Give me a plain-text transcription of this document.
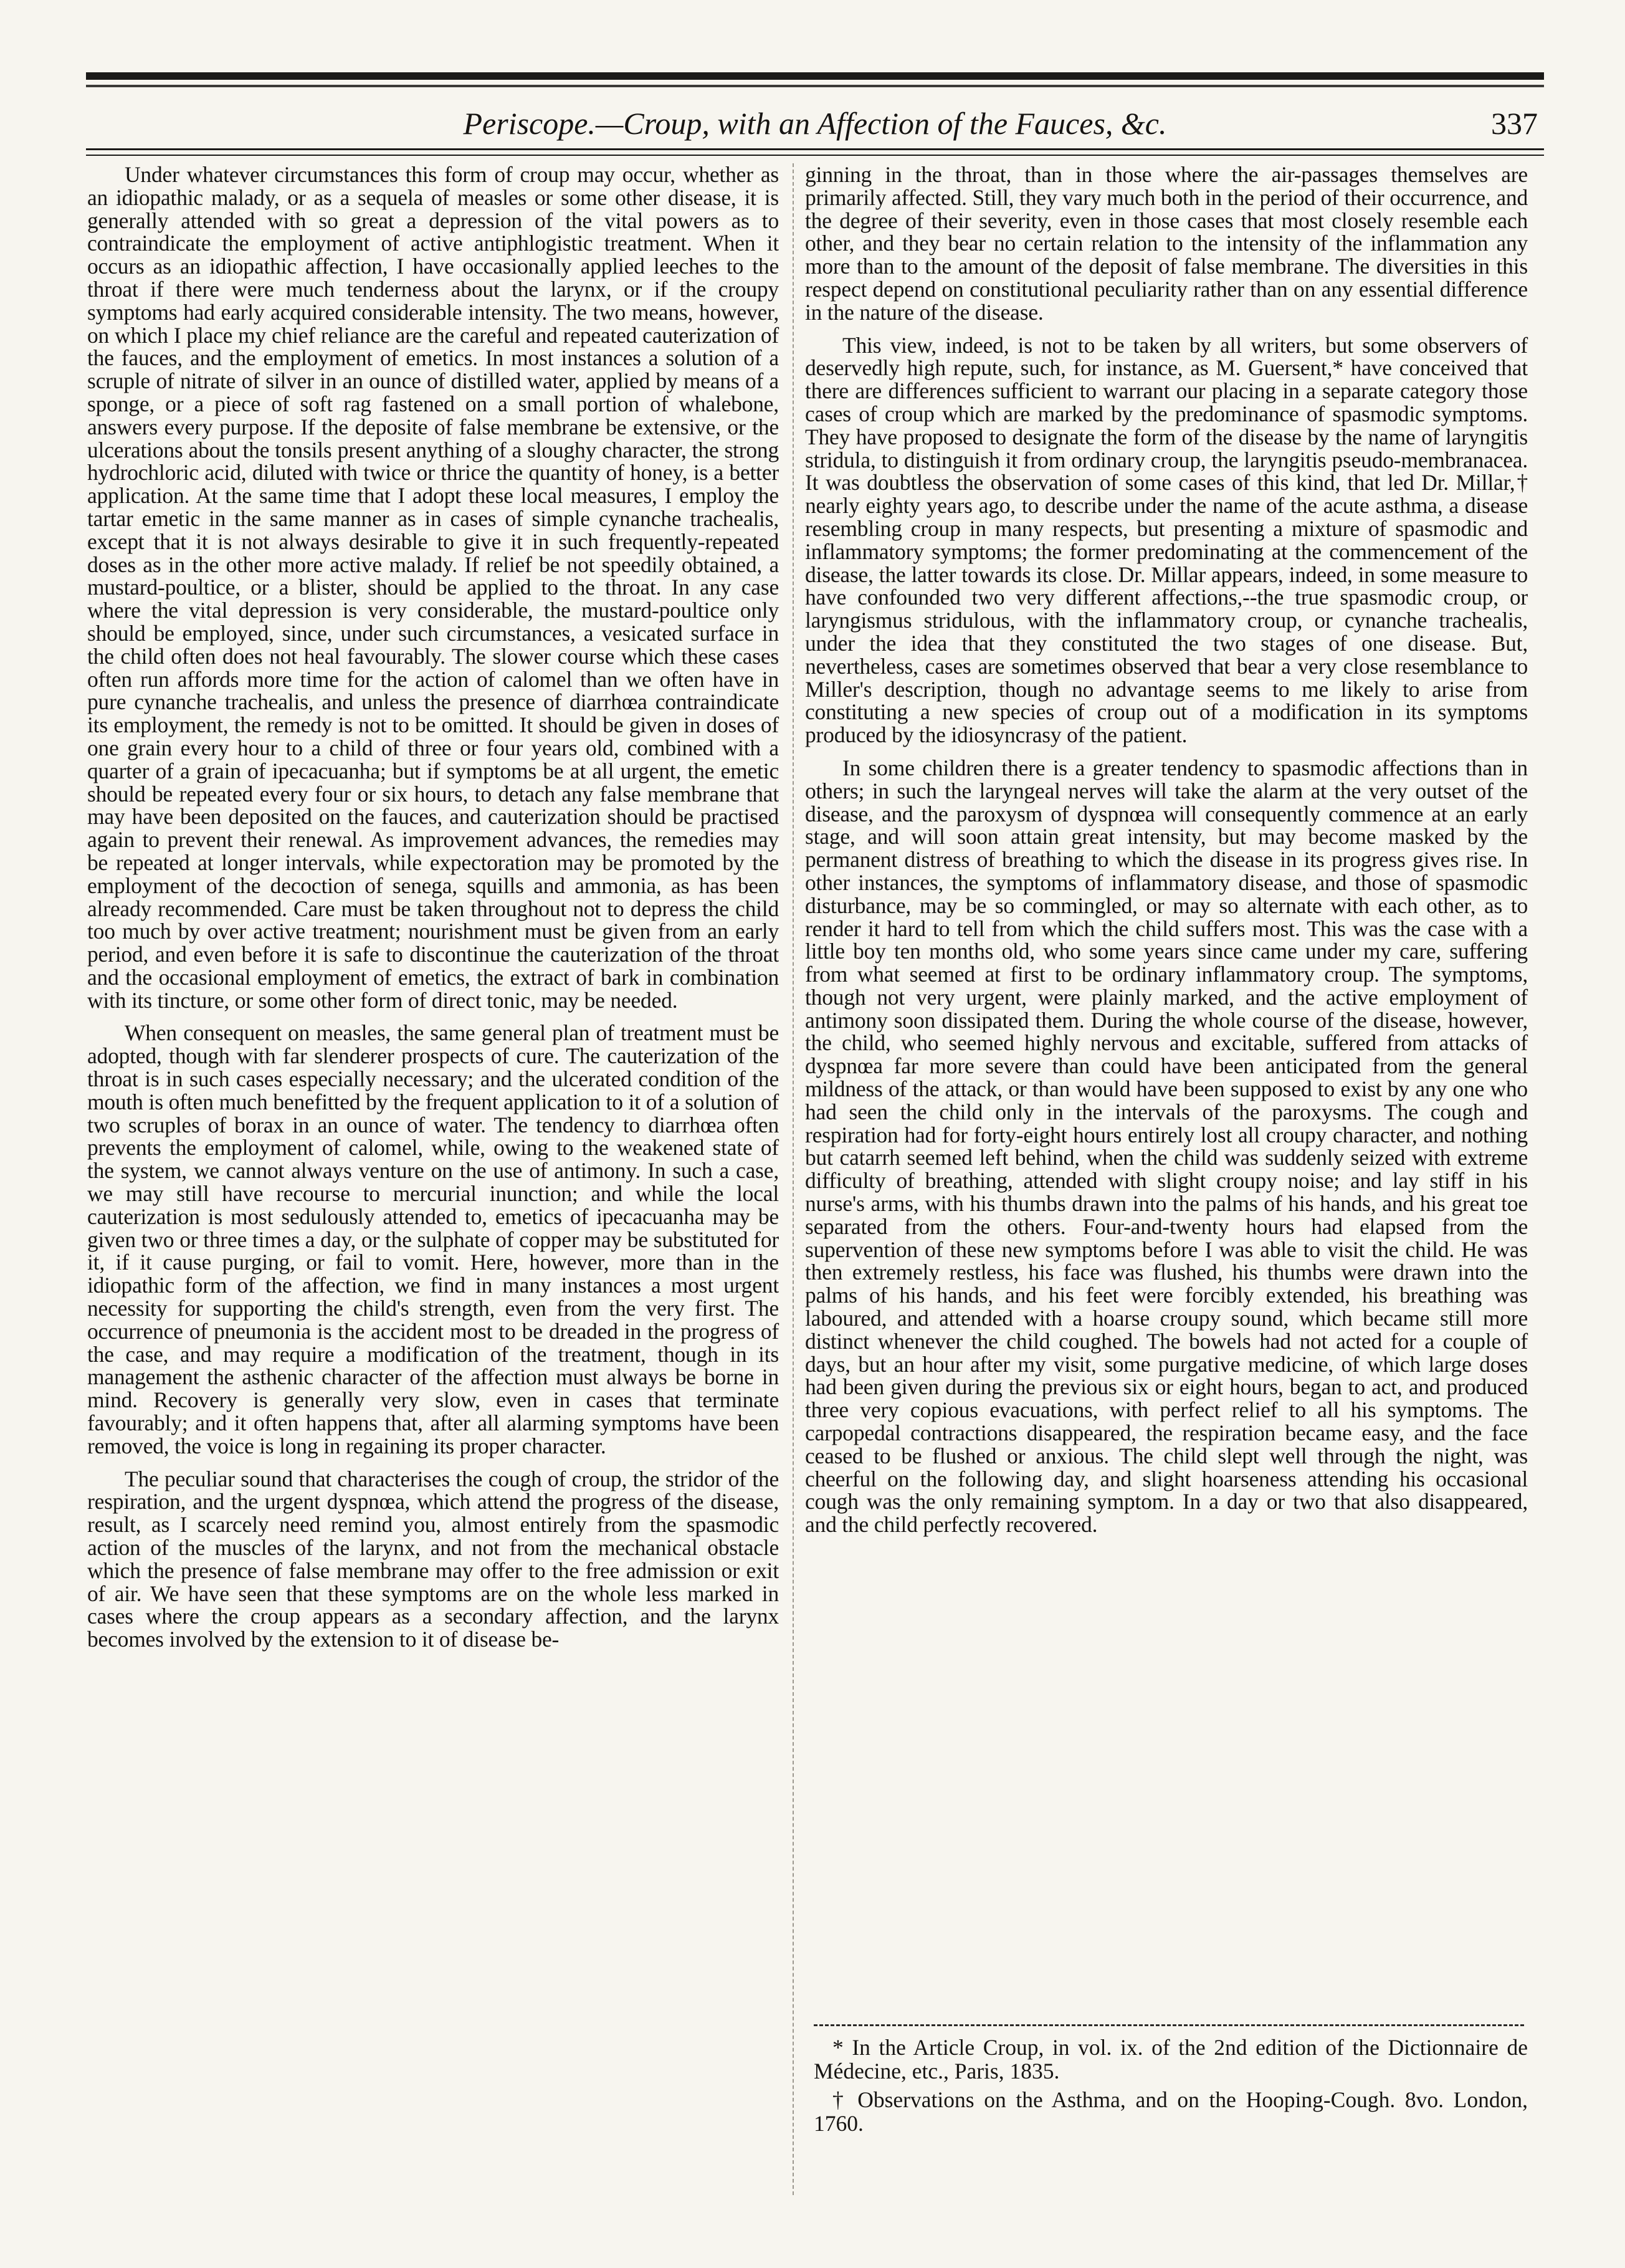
Periscope.—Croup, with an Affection of the Fauces, &c.	337

Under whatever circumstances this form of croup may occur, whether as an idiopathic malady, or as a sequela of measles or some other disease, it is generally attended with so great a depression of the vital powers as to contraindicate the employment of active antiphlogistic treatment. When it occurs as an idiopathic affection, I have occasionally applied leeches to the throat if there were much tenderness about the larynx, or if the croupy symptoms had early acquired considerable intensity. The two means, however, on which I place my chief reliance are the careful and repeated cauterization of the fauces, and the employment of emetics. In most instances a solution of a scruple of nitrate of silver in an ounce of distilled water, applied by means of a sponge, or a piece of soft rag fastened on a small portion of whalebone, answers every purpose. If the deposite of false membrane be extensive, or the ulcerations about the tonsils present anything of a sloughy character, the strong hydrochloric acid, diluted with twice or thrice the quantity of honey, is a better application. At the same time that I adopt these local measures, I employ the tartar emetic in the same manner as in cases of simple cynanche trachealis, except that it is not always desirable to give it in such frequently-repeated doses as in the other more active malady. If relief be not speedily obtained, a mustard-poultice, or a blister, should be applied to the throat. In any case where the vital depression is very considerable, the mustard-poultice only should be employed, since, under such circumstances, a vesicated surface in the child often does not heal favourably. The slower course which these cases often run affords more time for the action of calomel than we often have in pure cynanche trachealis, and unless the presence of diarrhœa contraindicate its employment, the remedy is not to be omitted. It should be given in doses of one grain every hour to a child of three or four years old, combined with a quarter of a grain of ipecacuanha; but if symptoms be at all urgent, the emetic should be repeated every four or six hours, to detach any false membrane that may have been deposited on the fauces, and cauterization should be practised again to prevent their renewal. As improvement advances, the remedies may be repeated at longer intervals, while expectoration may be promoted by the employment of the decoction of senega, squills and ammonia, as has been already recommended. Care must be taken throughout not to depress the child too much by over active treatment; nourishment must be given from an early period, and even before it is safe to discontinue the cauterization of the throat and the occasional employment of emetics, the extract of bark in combination with its tincture, or some other form of direct tonic, may be needed.

When consequent on measles, the same general plan of treatment must be adopted, though with far slenderer prospects of cure. The cauterization of the throat is in such cases especially necessary; and the ulcerated condition of the mouth is often much benefitted by the frequent application to it of a solution of two scruples of borax in an ounce of water. The tendency to diarrhœa often prevents the employment of calomel, while, owing to the weakened state of the system, we cannot always venture on the use of antimony. In such a case, we may still have recourse to mercurial inunction; and while the local cauterization is most sedulously attended to, emetics of ipecacuanha may be given two or three times a day, or the sulphate of copper may be substituted for it, if it cause purging, or fail to vomit. Here, however, more than in the idiopathic form of the affection, we find in many instances a most urgent necessity for supporting the child's strength, even from the very first. The occurrence of pneumonia is the accident most to be dreaded in the progress of the case, and may require a modification of the treatment, though in its management the asthenic character of the affection must always be borne in mind. Recovery is generally very slow, even in cases that terminate favourably; and it often happens that, after all alarming symptoms have been removed, the voice is long in regaining its proper character.

The peculiar sound that characterises the cough of croup, the stridor of the respiration, and the urgent dyspnœa, which attend the progress of the disease, result, as I scarcely need remind you, almost entirely from the spasmodic action of the muscles of the larynx, and not from the mechanical obstacle which the presence of false membrane may offer to the free admission or exit of air. We have seen that these symptoms are on the whole less marked in cases where the croup appears as a secondary affection, and the larynx becomes involved by the extension to it of disease be-

ginning in the throat, than in those where the air-passages themselves are primarily affected. Still, they vary much both in the period of their occurrence, and the degree of their severity, even in those cases that most closely resemble each other, and they bear no certain relation to the intensity of the inflammation any more than to the amount of the deposit of false membrane. The diversities in this respect depend on constitutional peculiarity rather than on any essential difference in the nature of the disease.

This view, indeed, is not to be taken by all writers, but some observers of deservedly high repute, such, for instance, as M. Guersent,* have conceived that there are differences sufficient to warrant our placing in a separate category those cases of croup which are marked by the predominance of spasmodic symptoms. They have proposed to designate the form of the disease by the name of laryngitis stridula, to distinguish it from ordinary croup, the laryngitis pseudo-membranacea. It was doubtless the observation of some cases of this kind, that led Dr. Millar,† nearly eighty years ago, to describe under the name of the acute asthma, a disease resembling croup in many respects, but presenting a mixture of spasmodic and inflammatory symptoms; the former predominating at the commencement of the disease, the latter towards its close. Dr. Millar appears, indeed, in some measure to have confounded two very different affections,--the true spasmodic croup, or laryngismus stridulous, with the inflammatory croup, or cynanche trachealis, under the idea that they constituted the two stages of one disease. But, nevertheless, cases are sometimes observed that bear a very close resemblance to Miller's description, though no advantage seems to me likely to arise from constituting a new species of croup out of a modification in its symptoms produced by the idiosyncrasy of the patient.

In some children there is a greater tendency to spasmodic affections than in others; in such the laryngeal nerves will take the alarm at the very outset of the disease, and the paroxysm of dyspnœa will consequently commence at an early stage, and will soon attain great intensity, but may become masked by the permanent distress of breathing to which the disease in its progress gives rise. In other instances, the symptoms of inflammatory disease, and those of spasmodic disturbance, may be so commingled, or may so alternate with each other, as to render it hard to tell from which the child suffers most. This was the case with a little boy ten months old, who some years since came under my care, suffering from what seemed at first to be ordinary inflammatory croup. The symptoms, though not very urgent, were plainly marked, and the active employment of antimony soon dissipated them. During the whole course of the disease, however, the child, who seemed highly nervous and excitable, suffered from attacks of dyspnœa far more severe than could have been anticipated from the general mildness of the attack, or than would have been supposed to exist by any one who had seen the child only in the intervals of the paroxysms. The cough and respiration had for forty-eight hours entirely lost all croupy character, and nothing but catarrh seemed left behind, when the child was suddenly seized with extreme difficulty of breathing, attended with slight croupy noise; and lay stiff in his nurse's arms, with his thumbs drawn into the palms of his hands, and his great toe separated from the others. Four-and-twenty hours had elapsed from the supervention of these new symptoms before I was able to visit the child. He was then extremely restless, his face was flushed, his thumbs were drawn into the palms of his hands, and his feet were forcibly extended, his breathing was laboured, and attended with a hoarse croupy sound, which became still more distinct whenever the child coughed. The bowels had not acted for a couple of days, but an hour after my visit, some purgative medicine, of which large doses had been given during the previous six or eight hours, began to act, and produced three very copious evacuations, with perfect relief to all his symptoms. The carpopedal contractions disappeared, the respiration became easy, and the face ceased to be flushed or anxious. The child slept well through the night, was cheerful on the following day, and slight hoarseness attending his occasional cough was the only remaining symptom. In a day or two that also disappeared, and the child perfectly recovered.

* In the Article Croup, in vol. ix. of the 2nd edition of the Dictionnaire de Médecine, etc., Paris, 1835.

† Observations on the Asthma, and on the Hooping-Cough. 8vo. London, 1760.
